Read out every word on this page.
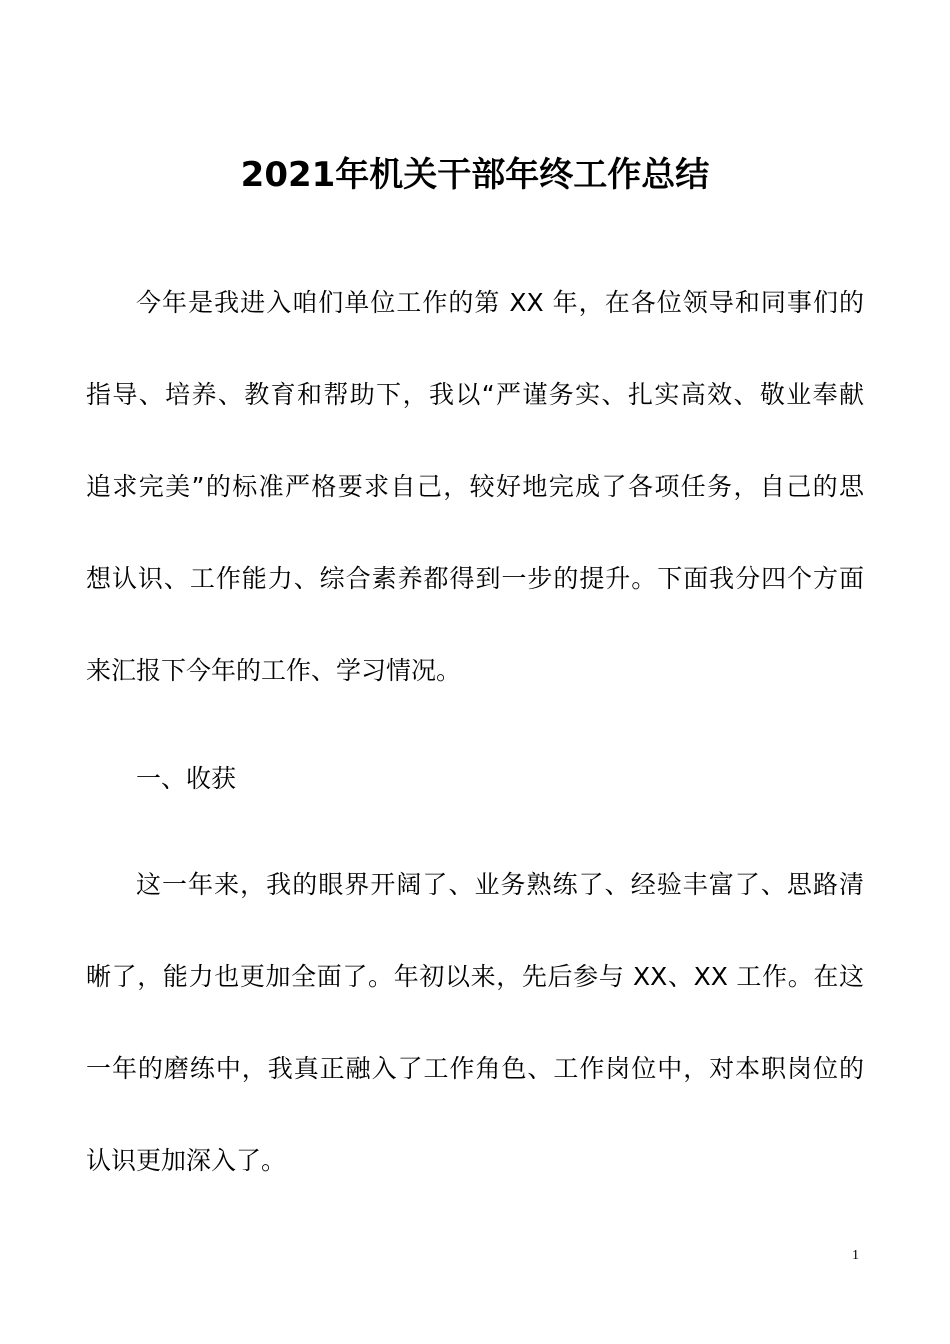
2021年机关干部年终工作总结
今年是我进入咱们单位工作的第 XX 年，在各位领导和同事们的
指导、培养、教育和帮助下，我以“严谨务实、扎实高效、敬业奉献
追求完美”的标准严格要求自己，较好地完成了各项任务，自己的思
想认识、工作能力、综合素养都得到一步的提升。下面我分四个方面
来汇报下今年的工作、学习情况。
一、收获
这一年来，我的眼界开阔了、业务熟练了、经验丰富了、思路清
晰了，能力也更加全面了。年初以来，先后参与 XX、XX 工作。在这
一年的磨练中，我真正融入了工作角色、工作岗位中，对本职岗位的
认识更加深入了。
1
